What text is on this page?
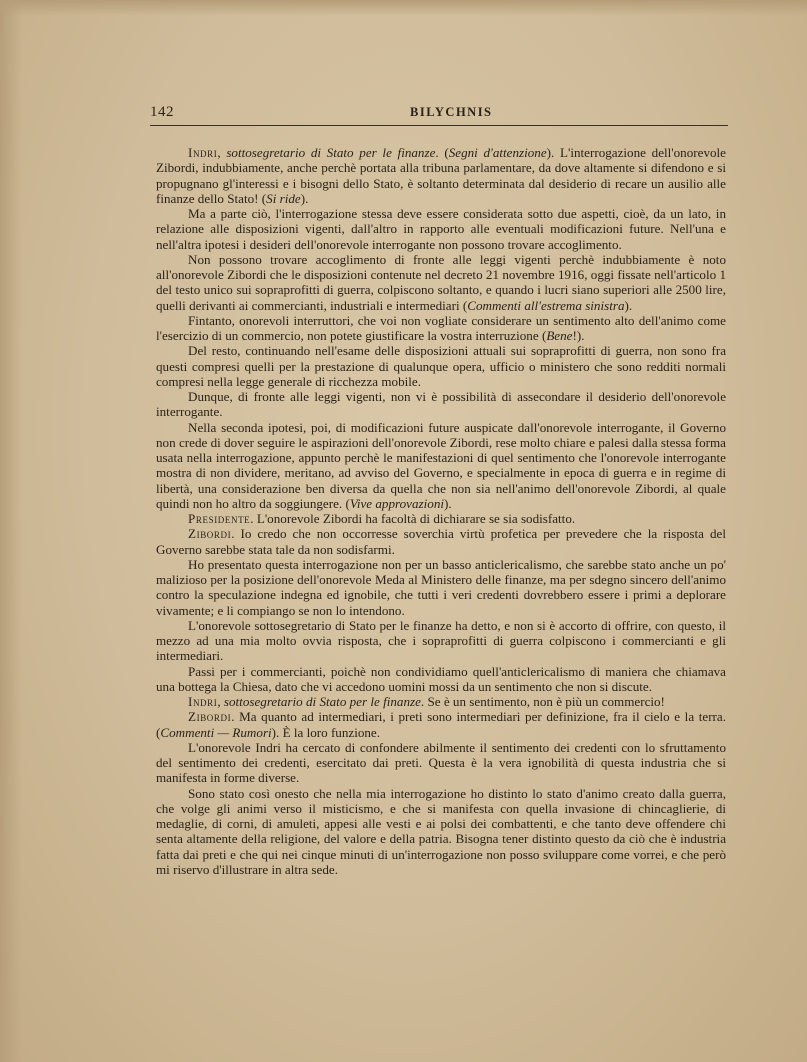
142	BILYCHNIS

Indri, sottosegretario di Stato per le finanze. (Segni d'attenzione). L'interrogazione dell'onorevole Zibordi, indubbiamente, anche perchè portata alla tribuna parlamentare, da dove altamente si difendono e si propugnano gl'interessi e i bisogni dello Stato, è soltanto determinata dal desiderio di recare un ausilio alle finanze dello Stato! (Si ride).

Ma a parte ciò, l'interrogazione stessa deve essere considerata sotto due aspetti, cioè, da un lato, in relazione alle disposizioni vigenti, dall'altro in rapporto alle eventuali modificazioni future. Nell'una e nell'altra ipotesi i desideri dell'onorevole interrogante non possono trovare accoglimento.

Non possono trovare accoglimento di fronte alle leggi vigenti perchè indubbiamente è noto all'onorevole Zibordi che le disposizioni contenute nel decreto 21 novembre 1916, oggi fissate nell'articolo 1 del testo unico sui sopraprofitti di guerra, colpiscono soltanto, e quando i lucri siano superiori alle 2500 lire, quelli derivanti ai commercianti, industriali e intermediari (Commenti all'estrema sinistra).

Fintanto, onorevoli interruttori, che voi non vogliate considerare un sentimento alto dell'animo come l'esercizio di un commercio, non potete giustificare la vostra interruzione (Bene!).

Del resto, continuando nell'esame delle disposizioni attuali sui sopraprofitti di guerra, non sono fra questi compresi quelli per la prestazione di qualunque opera, ufficio o ministero che sono redditi normali compresi nella legge generale di ricchezza mobile.

Dunque, di fronte alle leggi vigenti, non vi è possibilità di assecondare il desiderio dell'onorevole interrogante.

Nella seconda ipotesi, poi, di modificazioni future auspicate dall'onorevole interrogante, il Governo non crede di dover seguire le aspirazioni dell'onorevole Zibordi, rese molto chiare e palesi dalla stessa forma usata nella interrogazione, appunto perchè le manifestazioni di quel sentimento che l'onorevole interrogante mostra di non dividere, meritano, ad avviso del Governo, e specialmente in epoca di guerra e in regime di libertà, una considerazione ben diversa da quella che non sia nell'animo dell'onorevole Zibordi, al quale quindi non ho altro da soggiungere. (Vive approvazioni).

Presidente. L'onorevole Zibordi ha facoltà di dichiarare se sia sodisfatto.

Zibordi. Io credo che non occorresse soverchia virtù profetica per prevedere che la risposta del Governo sarebbe stata tale da non sodisfarmi.

Ho presentato questa interrogazione non per un basso anticlericalismo, che sarebbe stato anche un po' malizioso per la posizione dell'onorevole Meda al Ministero delle finanze, ma per sdegno sincero dell'animo contro la speculazione indegna ed ignobile, che tutti i veri credenti dovrebbero essere i primi a deplorare vivamente; e li compiango se non lo intendono.

L'onorevole sottosegretario di Stato per le finanze ha detto, e non si è accorto di offrire, con questo, il mezzo ad una mia molto ovvia risposta, che i sopraprofitti di guerra colpiscono i commercianti e gli intermediari.

Passi per i commercianti, poichè non condividiamo quell'anticlericalismo di maniera che chiamava una bottega la Chiesa, dato che vi accedono uomini mossi da un sentimento che non si discute.

Indri, sottosegretario di Stato per le finanze. Se è un sentimento, non è più un commercio!

Zibordi. Ma quanto ad intermediari, i preti sono intermediari per definizione, fra il cielo e la terra. (Commenti — Rumori). È la loro funzione.

L'onorevole Indri ha cercato di confondere abilmente il sentimento dei credenti con lo sfruttamento del sentimento dei credenti, esercitato dai preti. Questa è la vera ignobilità di questa industria che si manifesta in forme diverse.

Sono stato così onesto che nella mia interrogazione ho distinto lo stato d'animo creato dalla guerra, che volge gli animi verso il misticismo, e che si manifesta con quella invasione di chincaglierie, di medaglie, di corni, di amuleti, appesi alle vesti e ai polsi dei combattenti, e che tanto deve offendere chi senta altamente della religione, del valore e della patria. Bisogna tener distinto questo da ciò che è industria fatta dai preti e che qui nei cinque minuti di un'interrogazione non posso sviluppare come vorrei, e che però mi riservo d'illustrare in altra sede.
